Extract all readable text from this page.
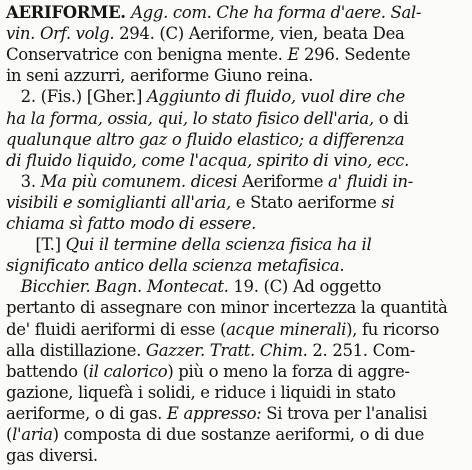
AERIFORME. Agg. com. Che ha forma d'aere. Sal-
vin. Orf. volg. 294. (C) Aeriforme, vien, beata Dea
Conservatrice con benigna mente. E 296. Sedente
in seni azzurri, aeriforme Giuno reina.
2. (Fis.) [Gher.] Aggiunto di fluido, vuol dire che
ha la forma, ossia, qui, lo stato fisico dell'aria, o di
qualunque altro gaz o fluido elastico; a differenza
di fluido liquido, come l'acqua, spirito di vino, ecc.
3. Ma più comunem. dicesi Aeriforme a' fluidi in-
visibili e somiglianti all'aria, e Stato aeriforme si
chiama sì fatto modo di essere.
[T.] Qui il termine della scienza fisica ha il
significato antico della scienza metafisica.
Bicchier. Bagn. Montecat. 19. (C) Ad oggetto
pertanto di assegnare con minor incertezza la quantità
de' fluidi aeriformi di esse (acque minerali), fu ricorso
alla distillazione. Gazzer. Tratt. Chim. 2. 251. Com-
battendo (il calorico) più o meno la forza di aggre-
gazione, liquefà i solidi, e riduce i liquidi in stato
aeriforme, o di gas. E appresso: Si trova per l'analisi
(l'aria) composta di due sostanze aeriformi, o di due
gas diversi.
